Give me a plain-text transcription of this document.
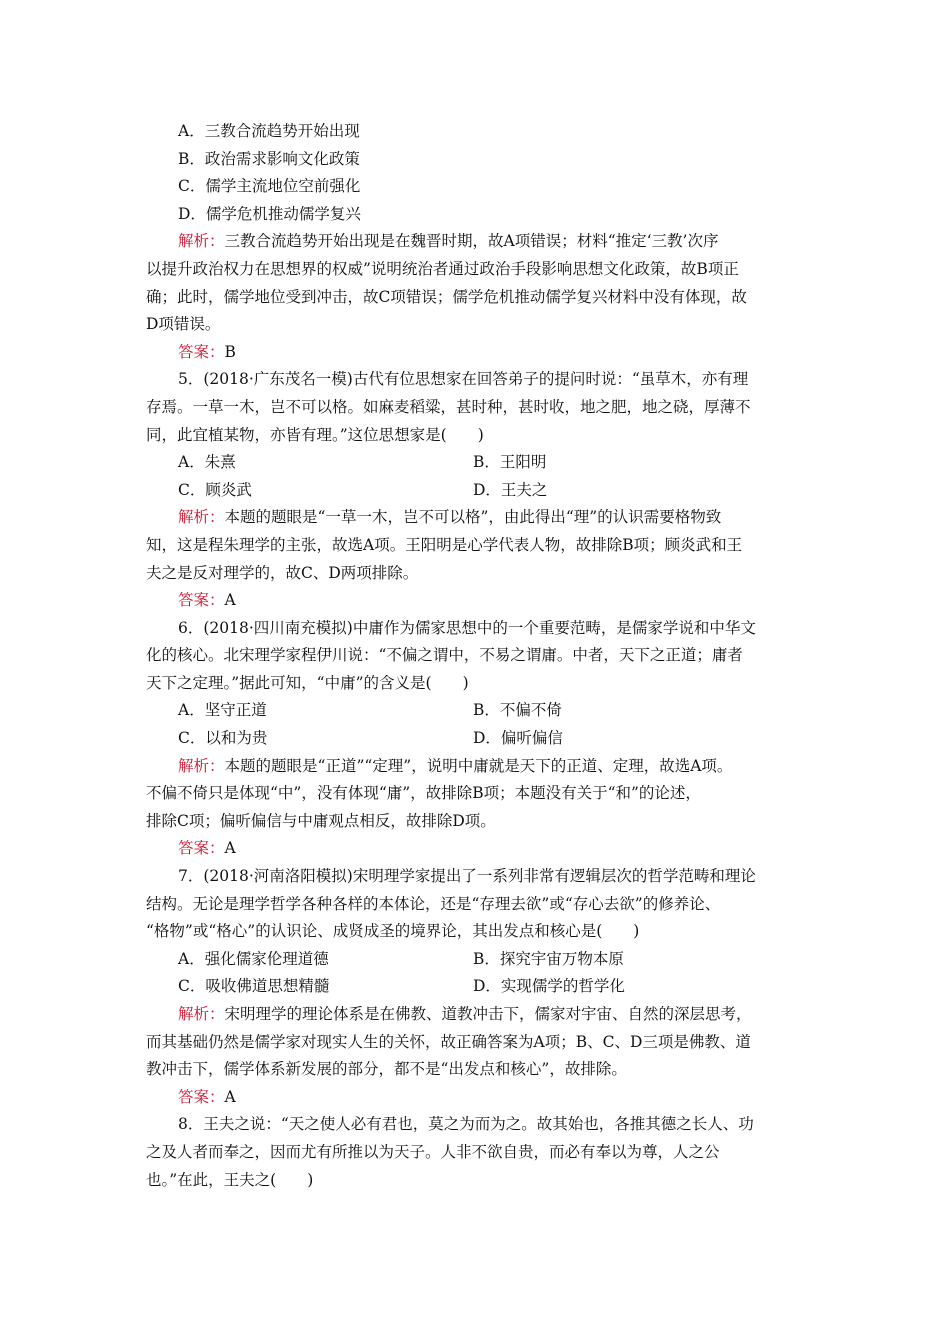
A．三教合流趋势开始出现
B．政治需求影响文化政策
C．儒学主流地位空前强化
D．儒学危机推动儒学复兴
解析：三教合流趋势开始出现是在魏晋时期，故A项错误；材料“推定‘三教’次序
以提升政治权力在思想界的权威”说明统治者通过政治手段影响思想文化政策，故B项正
确；此时，儒学地位受到冲击，故C项错误；儒学危机推动儒学复兴材料中没有体现，故
D项错误。
答案：B
5．(2018·广东茂名一模)古代有位思想家在回答弟子的提问时说：“虽草木，亦有理
存焉。一草一木，岂不可以格。如麻麦稻粱，甚时种，甚时收，地之肥，地之硗，厚薄不
同，此宜植某物，亦皆有理。”这位思想家是(　　)
A．朱熹	B．王阳明
C．顾炎武	D．王夫之
解析：本题的题眼是“一草一木，岂不可以格”，由此得出“理”的认识需要格物致
知，这是程朱理学的主张，故选A项。王阳明是心学代表人物，故排除B项；顾炎武和王
夫之是反对理学的，故C、D两项排除。
答案：A
6．(2018·四川南充模拟)中庸作为儒家思想中的一个重要范畴，是儒家学说和中华文
化的核心。北宋理学家程伊川说：“不偏之谓中，不易之谓庸。中者，天下之正道；庸者
天下之定理。”据此可知，“中庸”的含义是(　　)
A．坚守正道	B．不偏不倚
C．以和为贵	D．偏听偏信
解析：本题的题眼是“正道”“定理”，说明中庸就是天下的正道、定理，故选A项。
不偏不倚只是体现“中”，没有体现“庸”，故排除B项；本题没有关于“和”的论述，
排除C项；偏听偏信与中庸观点相反，故排除D项。
答案：A
7．(2018·河南洛阳模拟)宋明理学家提出了一系列非常有逻辑层次的哲学范畴和理论
结构。无论是理学哲学各种各样的本体论，还是“存理去欲”或“存心去欲”的修养论、
“格物”或“格心”的认识论、成贤成圣的境界论，其出发点和核心是(　　)
A．强化儒家伦理道德	B．探究宇宙万物本原
C．吸收佛道思想精髓	D．实现儒学的哲学化
解析：宋明理学的理论体系是在佛教、道教冲击下，儒家对宇宙、自然的深层思考，
而其基础仍然是儒学家对现实人生的关怀，故正确答案为A项；B、C、D三项是佛教、道
教冲击下，儒学体系新发展的部分，都不是“出发点和核心”，故排除。
答案：A
8．王夫之说：“天之使人必有君也，莫之为而为之。故其始也，各推其德之长人、功
之及人者而奉之，因而尤有所推以为天子。人非不欲自贵，而必有奉以为尊，人之公
也。”在此，王夫之(　　)
